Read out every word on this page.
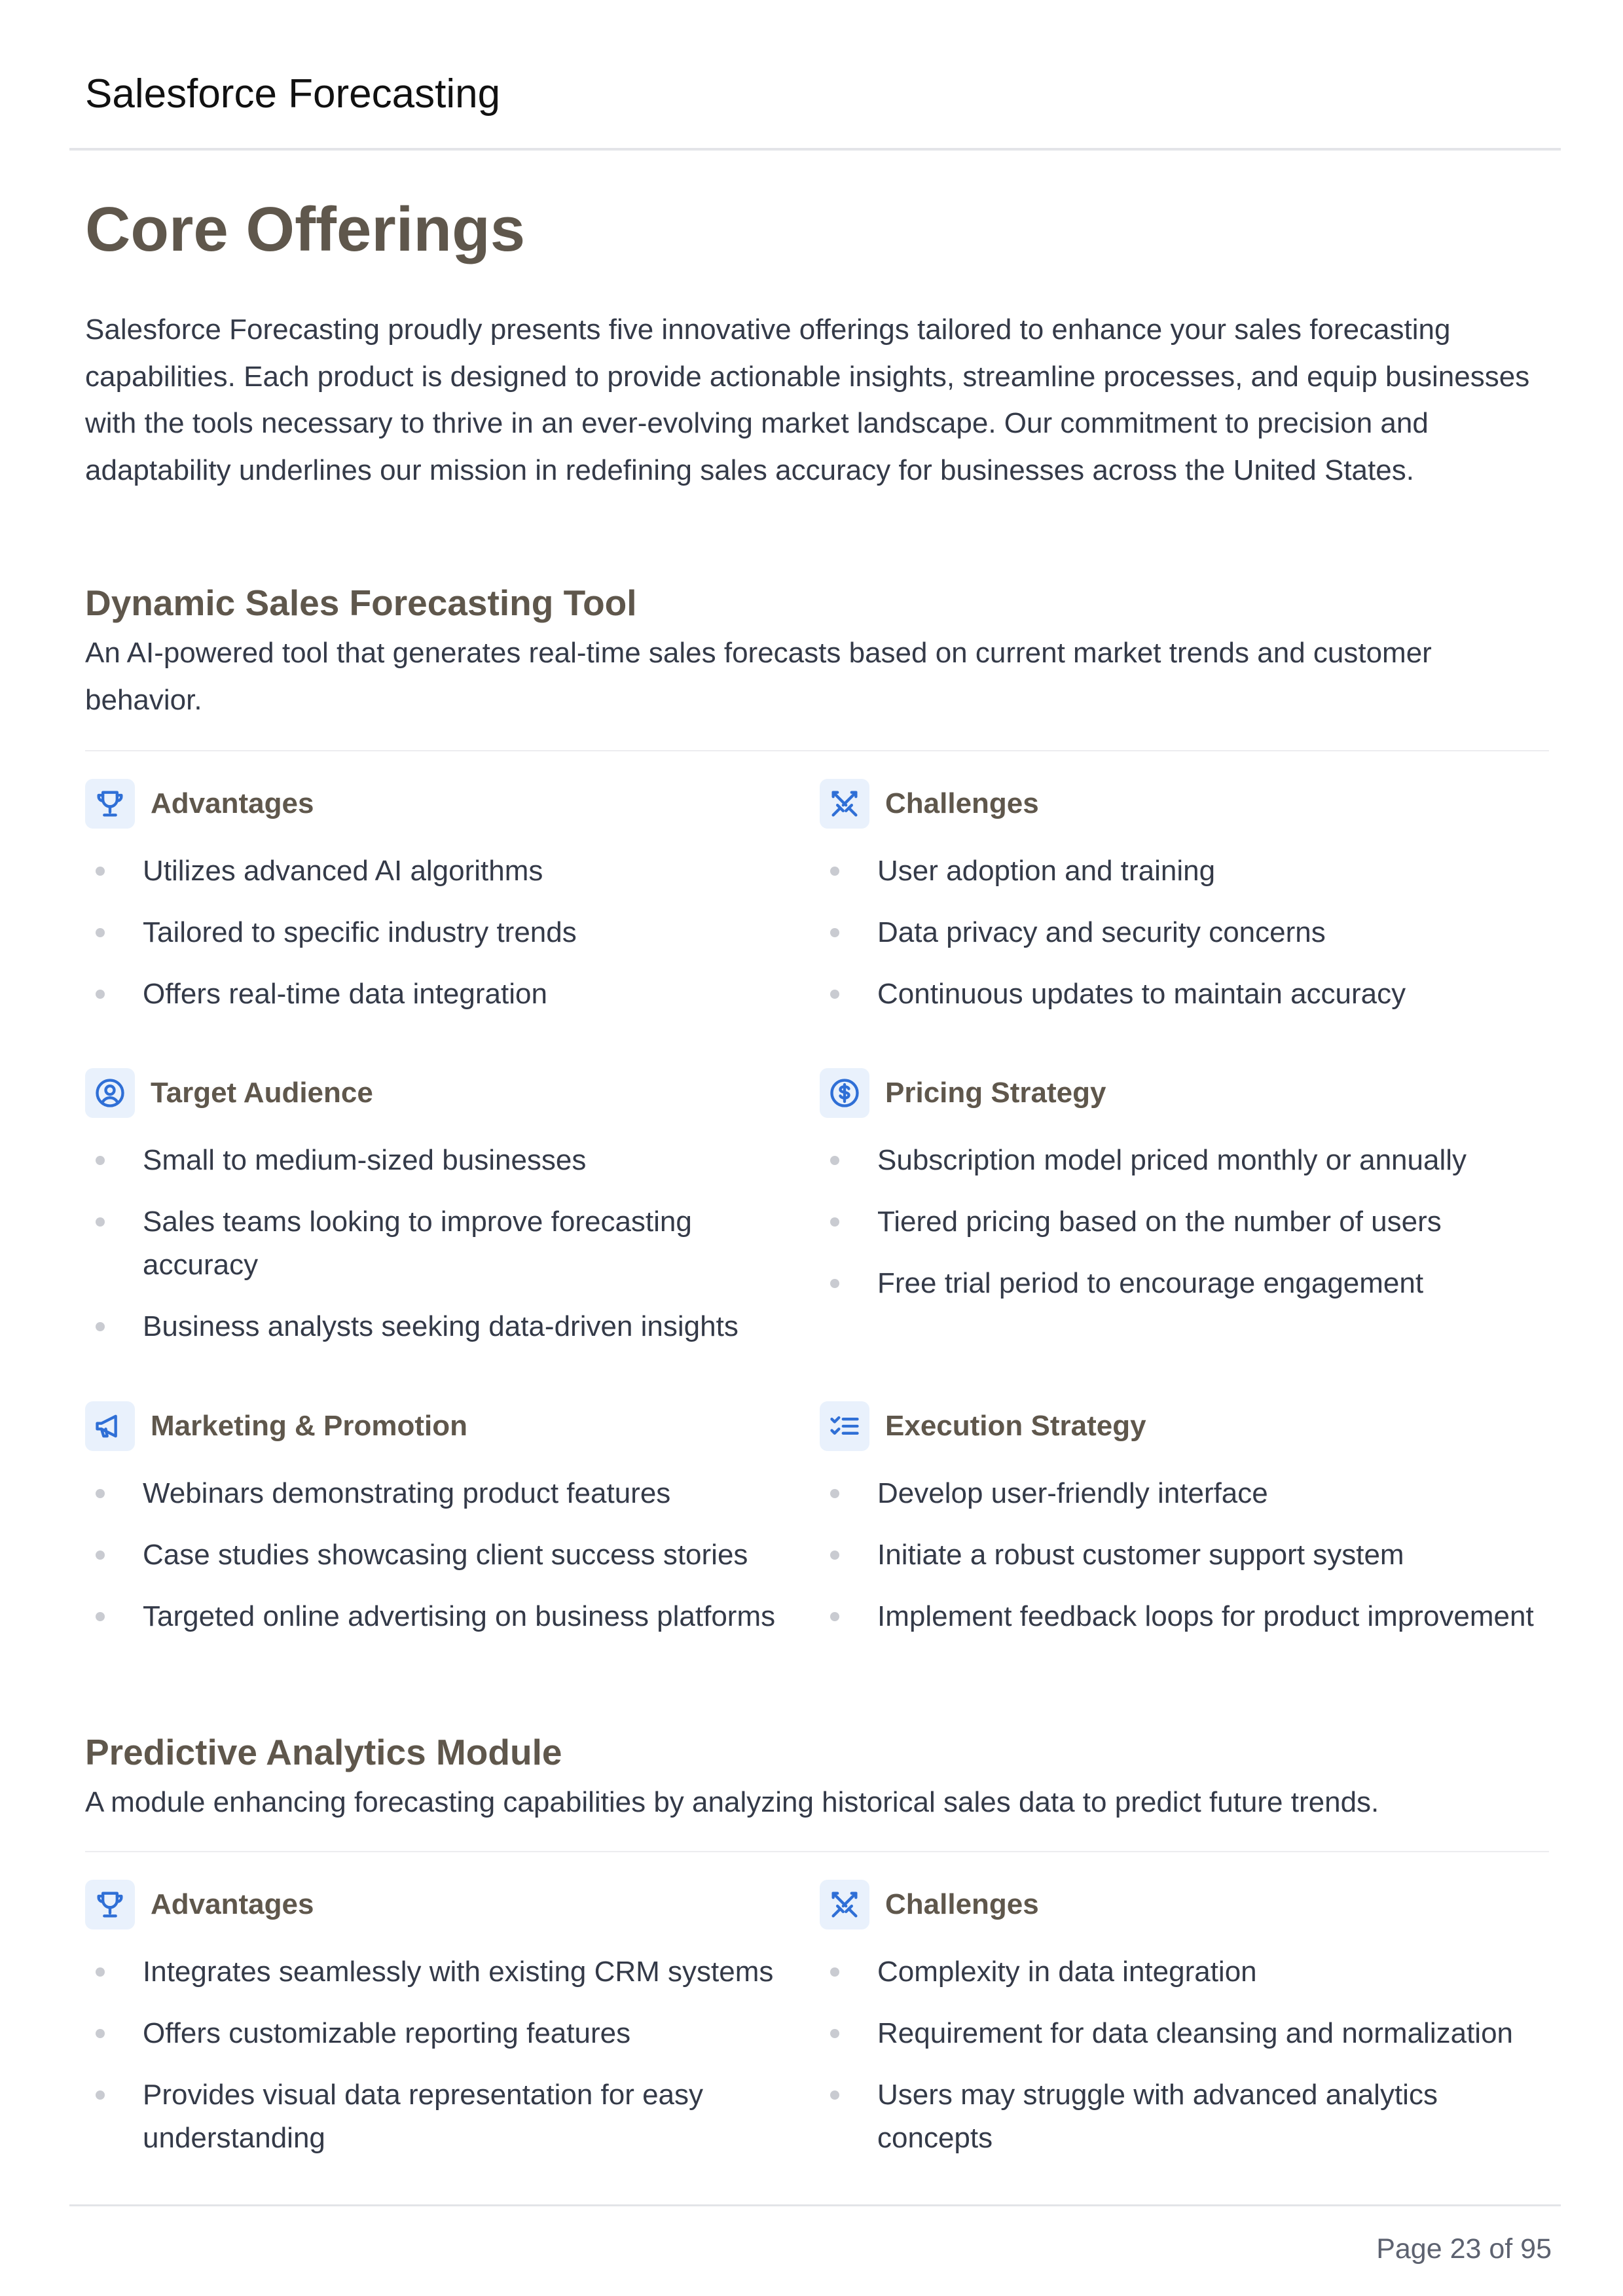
Salesforce Forecasting
Core Offerings
Salesforce Forecasting proudly presents five innovative offerings tailored to enhance your sales forecasting capabilities. Each product is designed to provide actionable insights, streamline processes, and equip businesses with the tools necessary to thrive in an ever-evolving market landscape. Our commitment to precision and adaptability underlines our mission in redefining sales accuracy for businesses across the United States.
Dynamic Sales Forecasting Tool
An AI-powered tool that generates real-time sales forecasts based on current market trends and customer behavior.
Advantages
Utilizes advanced AI algorithms
Tailored to specific industry trends
Offers real-time data integration
Challenges
User adoption and training
Data privacy and security concerns
Continuous updates to maintain accuracy
Target Audience
Small to medium-sized businesses
Sales teams looking to improve forecasting accuracy
Business analysts seeking data-driven insights
Pricing Strategy
Subscription model priced monthly or annually
Tiered pricing based on the number of users
Free trial period to encourage engagement
Marketing & Promotion
Webinars demonstrating product features
Case studies showcasing client success stories
Targeted online advertising on business platforms
Execution Strategy
Develop user-friendly interface
Initiate a robust customer support system
Implement feedback loops for product improvement
Predictive Analytics Module
A module enhancing forecasting capabilities by analyzing historical sales data to predict future trends.
Advantages
Integrates seamlessly with existing CRM systems
Offers customizable reporting features
Provides visual data representation for easy understanding
Challenges
Complexity in data integration
Requirement for data cleansing and normalization
Users may struggle with advanced analytics concepts
Page 23 of 95
